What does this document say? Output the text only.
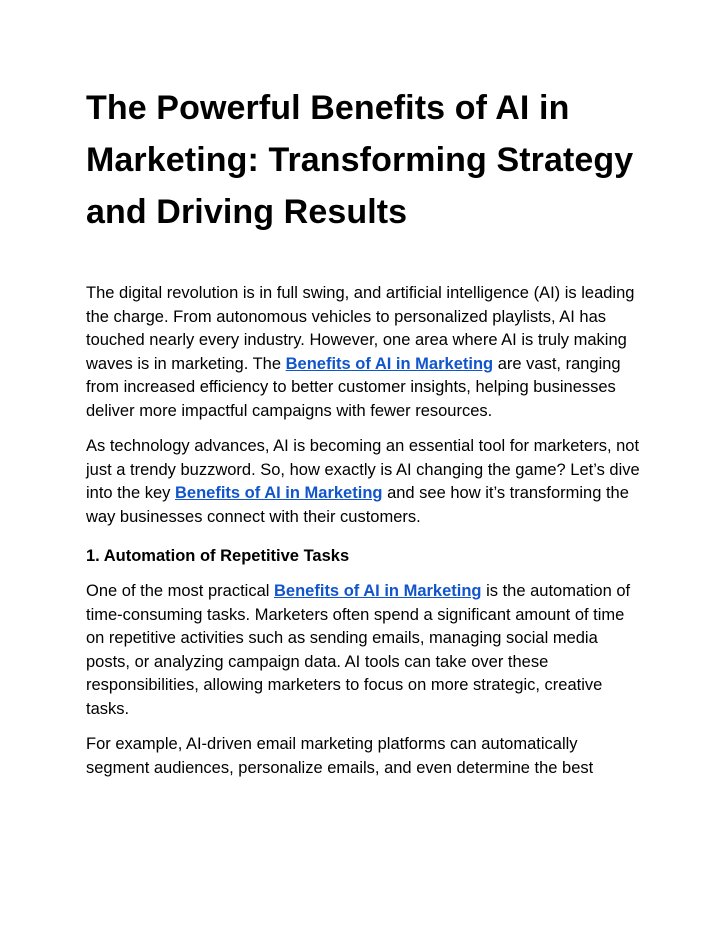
The Powerful Benefits of AI in Marketing: Transforming Strategy and Driving Results

The digital revolution is in full swing, and artificial intelligence (AI) is leading the charge. From autonomous vehicles to personalized playlists, AI has touched nearly every industry. However, one area where AI is truly making waves is in marketing. The Benefits of AI in Marketing are vast, ranging from increased efficiency to better customer insights, helping businesses deliver more impactful campaigns with fewer resources.

As technology advances, AI is becoming an essential tool for marketers, not just a trendy buzzword. So, how exactly is AI changing the game? Let’s dive into the key Benefits of AI in Marketing and see how it’s transforming the way businesses connect with their customers.

1. Automation of Repetitive Tasks

One of the most practical Benefits of AI in Marketing is the automation of time-consuming tasks. Marketers often spend a significant amount of time on repetitive activities such as sending emails, managing social media posts, or analyzing campaign data. AI tools can take over these responsibilities, allowing marketers to focus on more strategic, creative tasks.

For example, AI-driven email marketing platforms can automatically segment audiences, personalize emails, and even determine the best
